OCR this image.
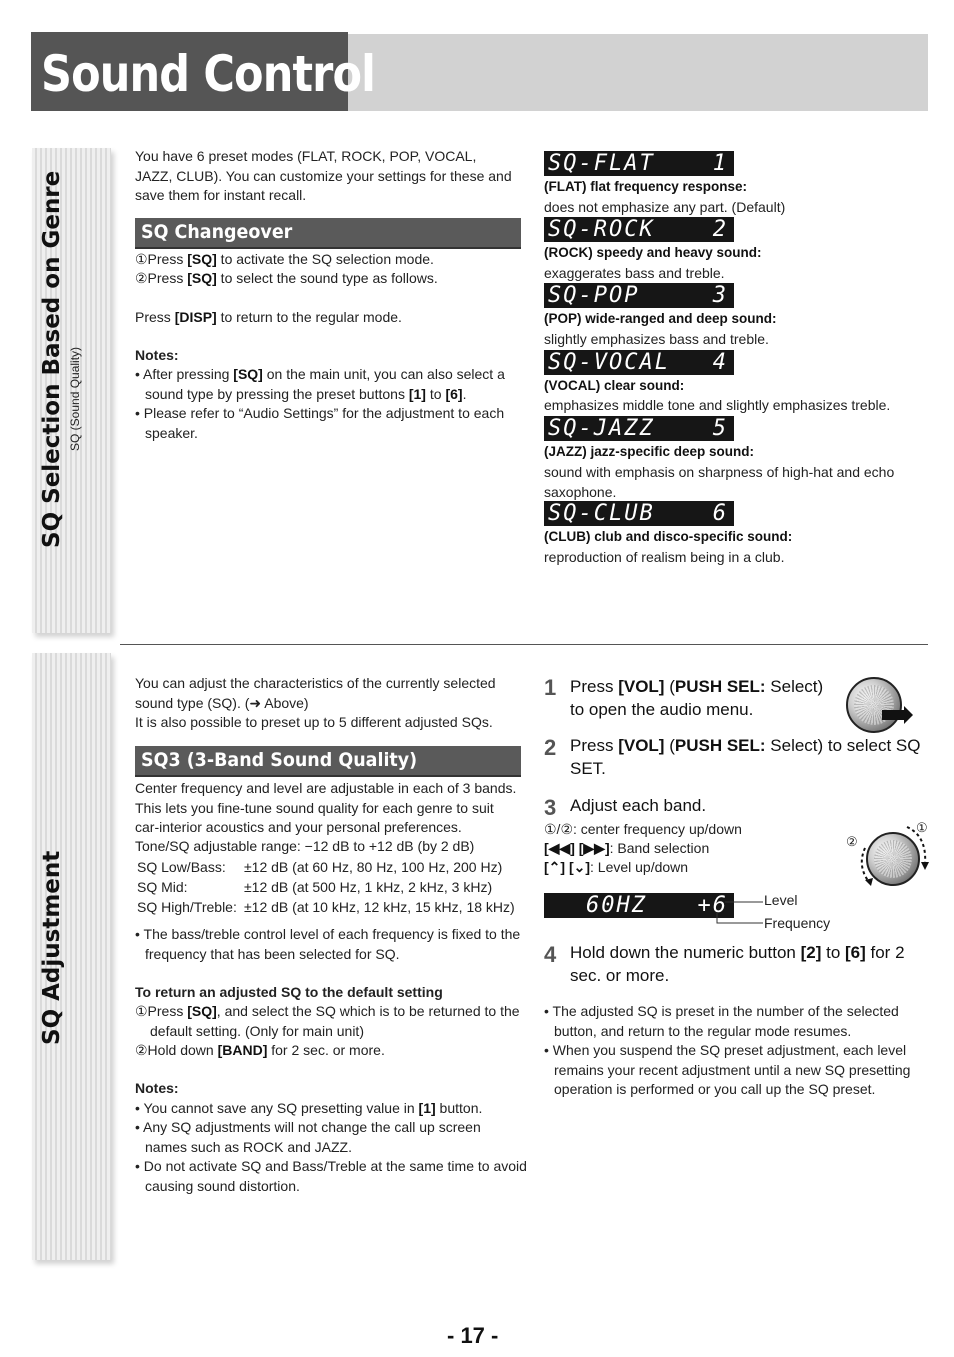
Sound Control
SQ Selection Based on Genre SQ (Sound Quality)
You have 6 preset modes (FLAT, ROCK, POP, VOCAL, JAZZ, CLUB). You can customize your settings for these and save them for instant recall.
SQ Changeover
①Press [SQ] to activate the SQ selection mode.
②Press [SQ] to select the sound type as follows.
Press [DISP] to return to the regular mode.
Notes:
• After pressing [SQ] on the main unit, you can also select a sound type by pressing the preset buttons [1] to [6].
• Please refer to “Audio Settings” for the adjustment to each speaker.
SQ-FLAT	1
(FLAT) flat frequency response:
does not emphasize any part. (Default)
SQ-ROCK	2
(ROCK) speedy and heavy sound:
exaggerates bass and treble.
SQ-POP	3
(POP) wide-ranged and deep sound:
slightly emphasizes bass and treble.
SQ-VOCAL 4
(VOCAL) clear sound:
emphasizes middle tone and slightly emphasizes treble.
SQ-JAZZ	5
(JAZZ) jazz-specific deep sound:
sound with emphasis on sharpness of high-hat and echo saxophone.
SQ-CLUB	6
(CLUB) club and disco-specific sound:
reproduction of realism being in a club.
SQ Adjustment
You can adjust the characteristics of the currently selected sound type (SQ). (➜ Above)
It is also possible to preset up to 5 different adjusted SQs.
SQ3 (3-Band Sound Quality)
Center frequency and level are adjustable in each of 3 bands. This lets you fine-tune sound quality for each genre to suit car-interior acoustics and your personal preferences.
Tone/SQ adjustable range: −12 dB to +12 dB (by 2 dB)
SQ Low/Bass: ±12 dB (at 60 Hz, 80 Hz, 100 Hz, 200 Hz)
SQ Mid:	±12 dB (at 500 Hz, 1 kHz, 2 kHz, 3 kHz)
SQ High/Treble: ±12 dB (at 10 kHz, 12 kHz, 15 kHz, 18 kHz)
• The bass/treble control level of each frequency is fixed to the frequency that has been selected for SQ.
To return an adjusted SQ to the default setting
①Press [SQ], and select the SQ which is to be returned to the default setting. (Only for main unit)
②Hold down [BAND] for 2 sec. or more.
Notes:
• You cannot save any SQ presetting value in [1] button.
• Any SQ adjustments will not change the call up screen names such as ROCK and JAZZ.
• Do not activate SQ and Bass/Treble at the same time to avoid causing sound distortion.
1 Press [VOL] (PUSH SEL: Select) to open the audio menu.
2 Press [VOL] (PUSH SEL: Select) to select SQ SET.
3 Adjust each band.
①/②: center frequency up/down
[◀◀] [▶▶]: Band selection
[⌃] [⌄]: Level up/down
①
②
60HZ +6	Level
Frequency
4 Hold down the numeric button [2] to [6] for 2 sec. or more.
• The adjusted SQ is preset in the number of the selected button, and return to the regular mode resumes.
• When you suspend the SQ preset adjustment, each level remains your recent adjustment until a new SQ presetting operation is performed or you call up the SQ preset.
- 17 -
